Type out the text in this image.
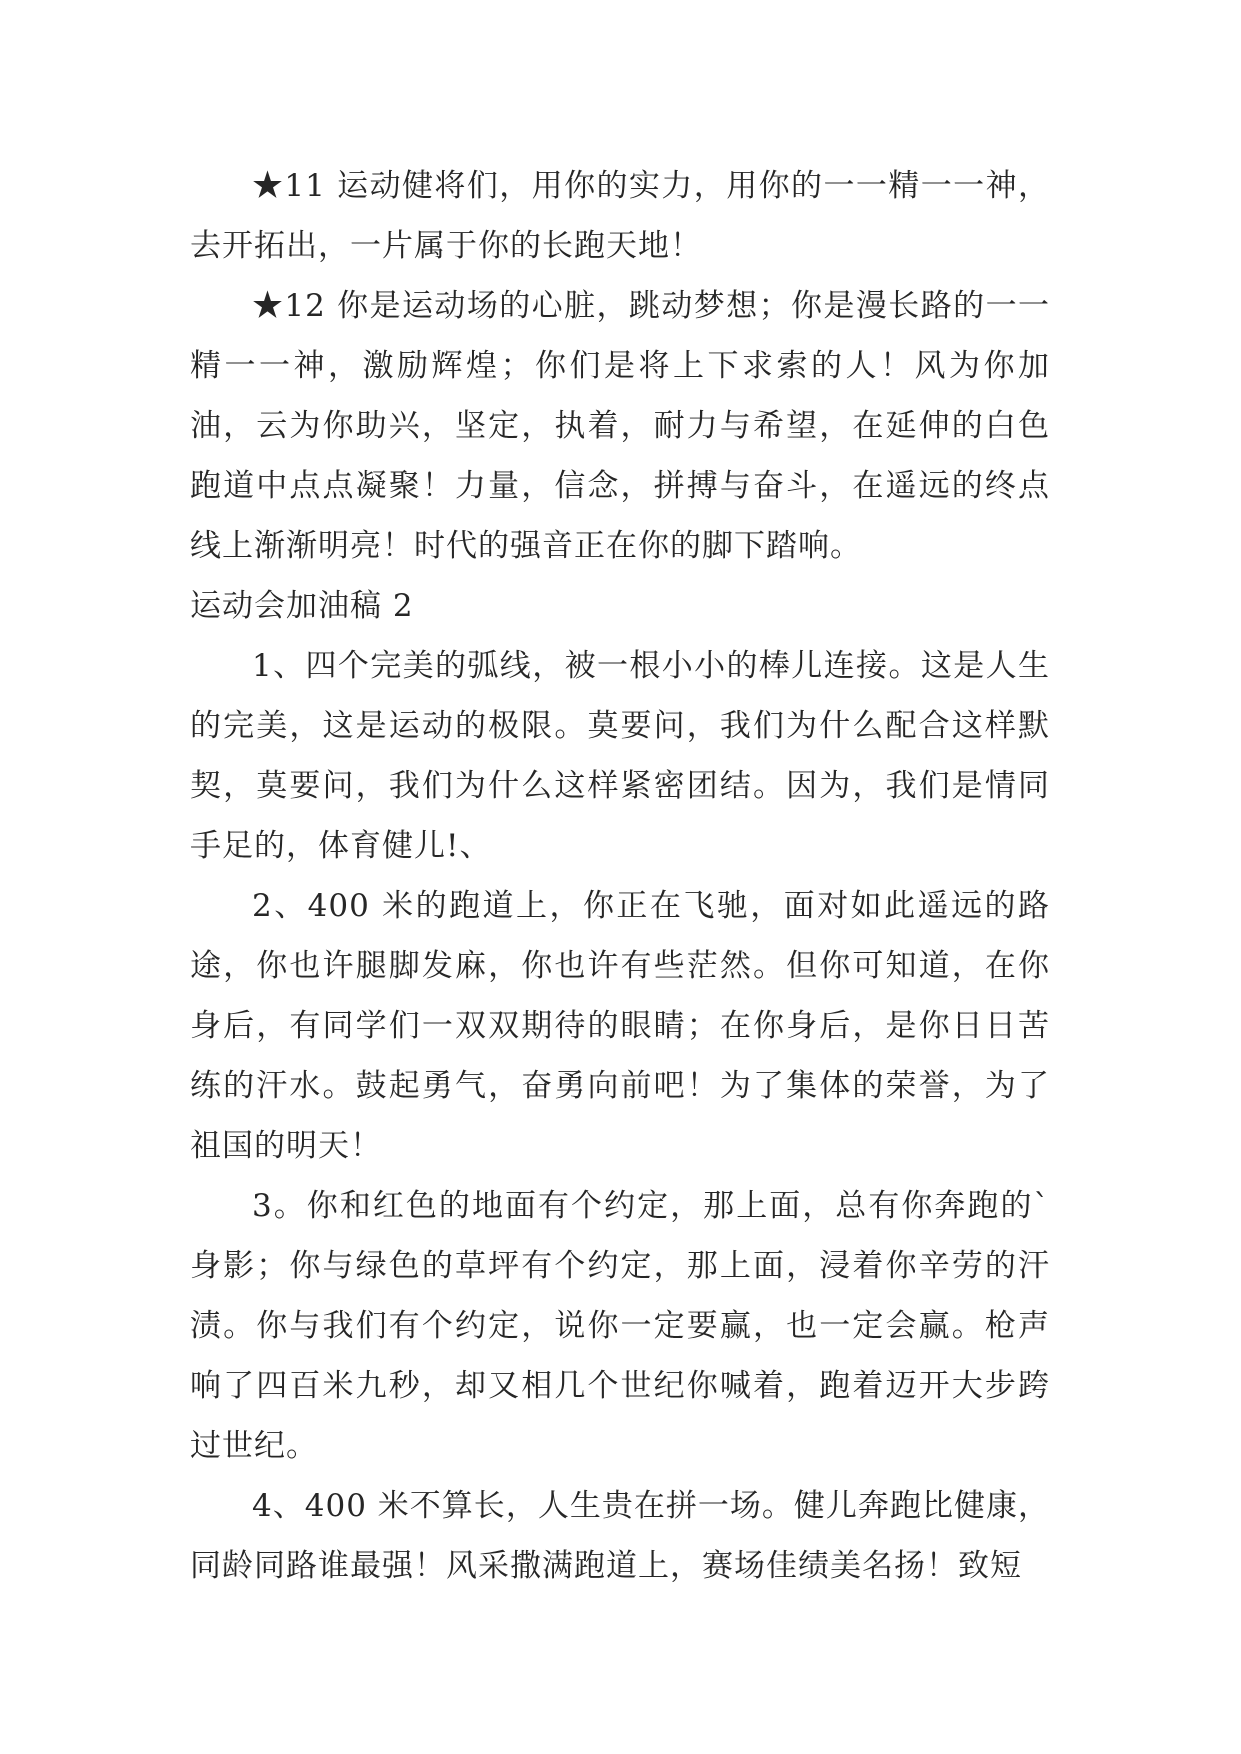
★11 运动健将们，用你的实力，用你的一一精一一神，去开拓出，一片属于你的长跑天地！

★12 你是运动场的心脏，跳动梦想；你是漫长路的一一精一一神，激励辉煌；你们是将上下求索的人！风为你加油，云为你助兴，坚定，执着，耐力与希望，在延伸的白色跑道中点点凝聚！力量，信念，拼搏与奋斗，在遥远的终点线上渐渐明亮！时代的强音正在你的脚下踏响。

运动会加油稿 2

1、四个完美的弧线，被一根小小的棒儿连接。这是人生的完美，这是运动的极限。莫要问，我们为什么配合这样默契，莫要问，我们为什么这样紧密团结。因为，我们是情同手足的，体育健儿!、

2、400 米的跑道上，你正在飞驰，面对如此遥远的路途，你也许腿脚发麻，你也许有些茫然。但你可知道，在你身后，有同学们一双双期待的眼睛；在你身后，是你日日苦练的汗水。鼓起勇气，奋勇向前吧！为了集体的荣誉，为了祖国的明天！

3。你和红色的地面有个约定，那上面，总有你奔跑的`身影；你与绿色的草坪有个约定，那上面，浸着你辛劳的汗渍。你与我们有个约定，说你一定要赢，也一定会赢。枪声响了四百米九秒，却又相几个世纪你喊着，跑着迈开大步跨过世纪。

4、400 米不算长，人生贵在拼一场。健儿奔跑比健康，同龄同路谁最强！风采撒满跑道上，赛场佳绩美名扬！致短
